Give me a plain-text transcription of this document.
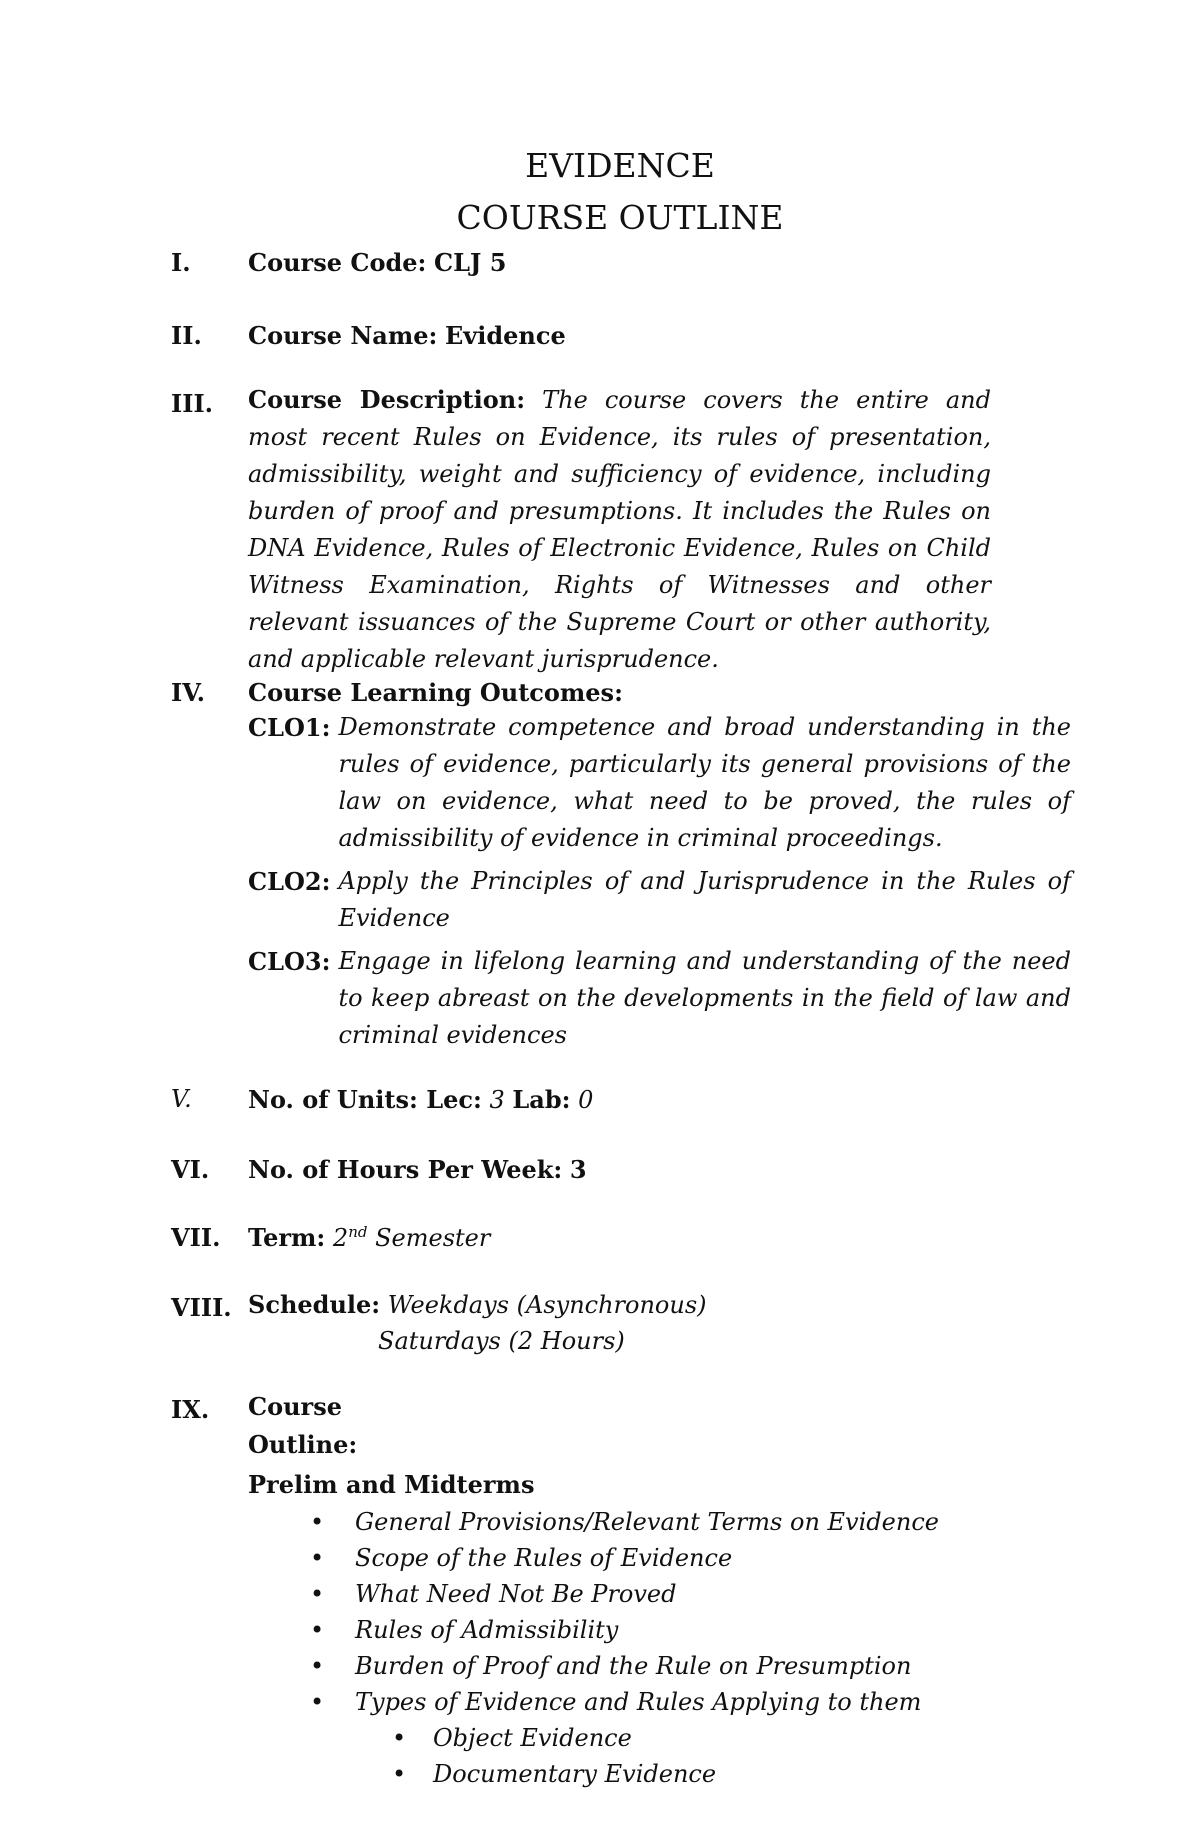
EVIDENCE
COURSE OUTLINE
I. Course Code: CLJ 5
II. Course Name: Evidence
III. Course Description: The course covers the entire and most recent Rules on Evidence, its rules of presentation, admissibility, weight and sufficiency of evidence, including burden of proof and presumptions. It includes the Rules on DNA Evidence, Rules of Electronic Evidence, Rules on Child Witness Examination, Rights of Witnesses and other relevant issuances of the Supreme Court or other authority, and applicable relevant jurisprudence.
IV. Course Learning Outcomes:
CLO1: Demonstrate competence and broad understanding in the rules of evidence, particularly its general provisions of the law on evidence, what need to be proved, the rules of admissibility of evidence in criminal proceedings.
CLO2: Apply the Principles of and Jurisprudence in the Rules of Evidence
CLO3: Engage in lifelong learning and understanding of the need to keep abreast on the developments in the field of law and criminal evidences
V. No. of Units: Lec: 3 Lab: 0
VI. No. of Hours Per Week: 3
VII. Term: 2nd Semester
VIII. Schedule: Weekdays (Asynchronous)
Saturdays (2 Hours)
IX. Course
Outline:
Prelim and Midterms
• General Provisions/Relevant Terms on Evidence
• Scope of the Rules of Evidence
• What Need Not Be Proved
• Rules of Admissibility
• Burden of Proof and the Rule on Presumption
• Types of Evidence and Rules Applying to them
• Object Evidence
• Documentary Evidence
